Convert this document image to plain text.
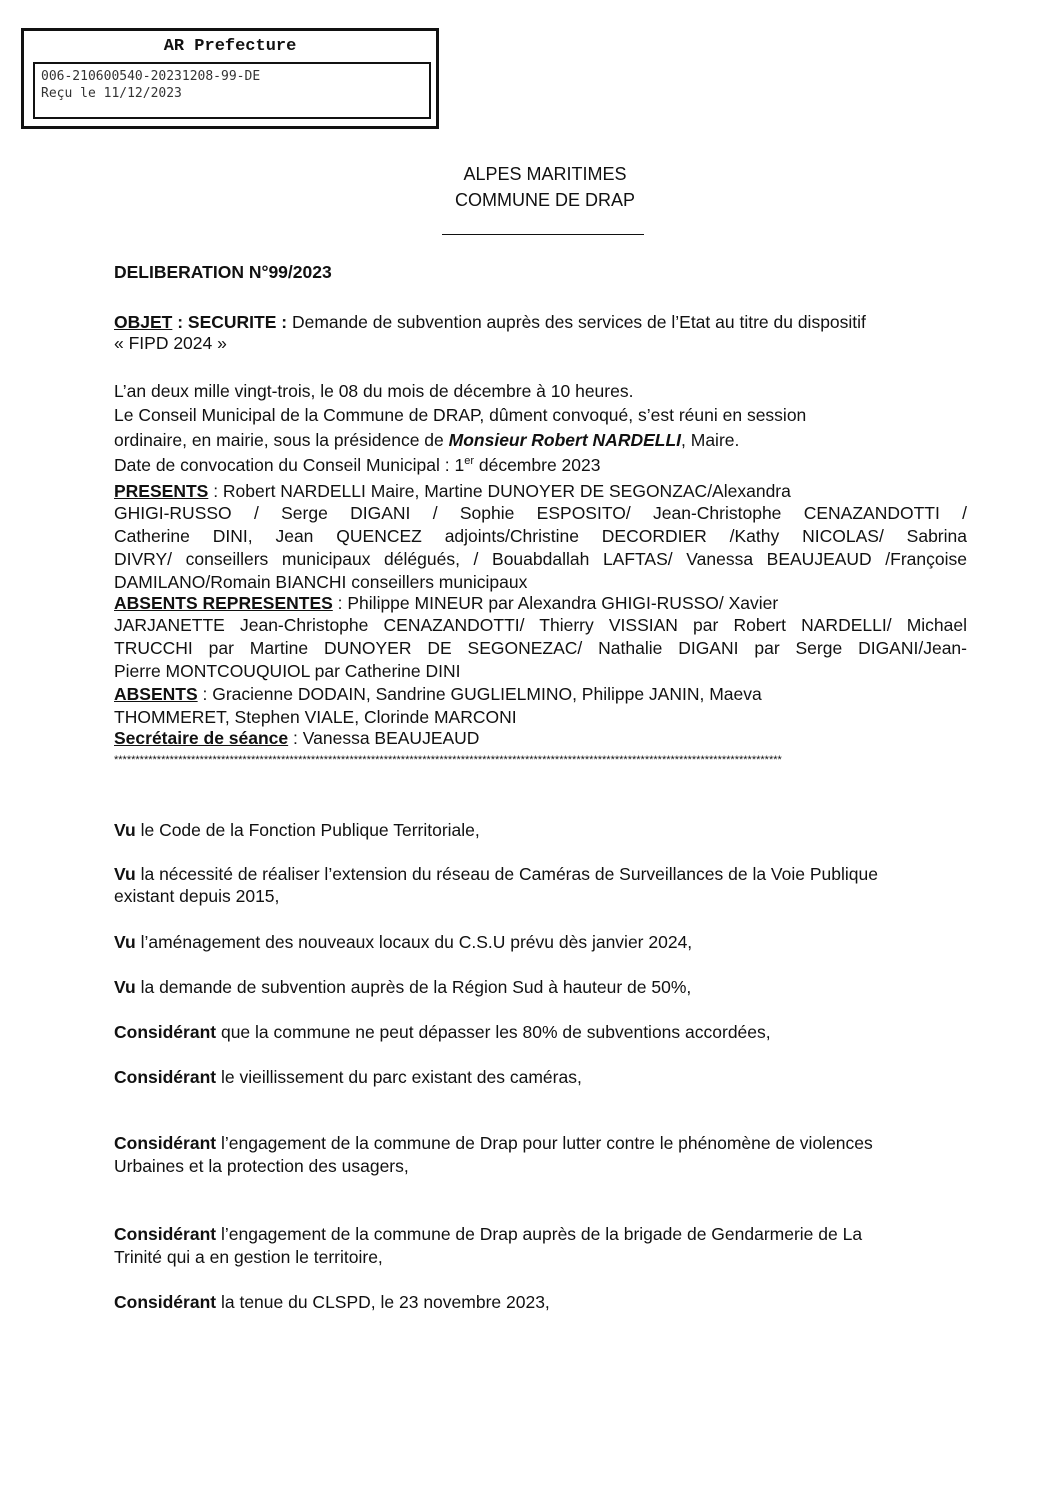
AR Prefecture
006-210600540-20231208-99-DE
Reçu le 11/12/2023
ALPES MARITIMES
COMMUNE DE DRAP
DELIBERATION N°99/2023
OBJET : SECURITE : Demande de subvention auprès des services de l’Etat au titre du dispositif
« FIPD 2024 »
L’an deux mille vingt-trois, le 08 du mois de décembre à 10 heures.
Le Conseil Municipal de la Commune de DRAP, dûment convoqué, s’est réuni en session
ordinaire, en mairie, sous la présidence de Monsieur Robert NARDELLI, Maire.
Date de convocation du Conseil Municipal : 1er décembre 2023
PRESENTS : Robert NARDELLI Maire, Martine DUNOYER DE SEGONZAC/Alexandra
GHIGI-RUSSO / Serge DIGANI / Sophie ESPOSITO/ Jean-Christophe CENAZANDOTTI /
Catherine DINI, Jean QUENCEZ adjoints/Christine DECORDIER /Kathy NICOLAS/ Sabrina
DIVRY/ conseillers municipaux délégués, / Bouabdallah LAFTAS/ Vanessa BEAUJEAUD /Françoise
DAMILANO/Romain BIANCHI conseillers municipaux
ABSENTS REPRESENTES : Philippe MINEUR par Alexandra GHIGI-RUSSO/ Xavier
JARJANETTE Jean-Christophe CENAZANDOTTI/ Thierry VISSIAN par Robert NARDELLI/ Michael
TRUCCHI par Martine DUNOYER DE SEGONEZAC/ Nathalie DIGANI par Serge DIGANI/Jean-
Pierre MONTCOUQUIOL par Catherine DINI
ABSENTS : Gracienne DODAIN, Sandrine GUGLIELMINO, Philippe JANIN, Maeva
THOMMERET, Stephen VIALE, Clorinde MARCONI
Secrétaire de séance : Vanessa BEAUJEAUD
************************************************************************************************************************************************************
Vu le Code de la Fonction Publique Territoriale,
Vu la nécessité de réaliser l’extension du réseau de Caméras de Surveillances de la Voie Publique
existant depuis 2015,
Vu l’aménagement des nouveaux locaux du C.S.U prévu dès janvier 2024,
Vu la demande de subvention auprès de la Région Sud à hauteur de 50%,
Considérant que la commune ne peut dépasser les 80% de subventions accordées,
Considérant le vieillissement du parc existant des caméras,
Considérant l’engagement de la commune de Drap pour lutter contre le phénomène de violences
Urbaines et la protection des usagers,
Considérant l’engagement de la commune de Drap auprès de la brigade de Gendarmerie de La
Trinité qui a en gestion le territoire,
Considérant la tenue du CLSPD, le 23 novembre 2023,
